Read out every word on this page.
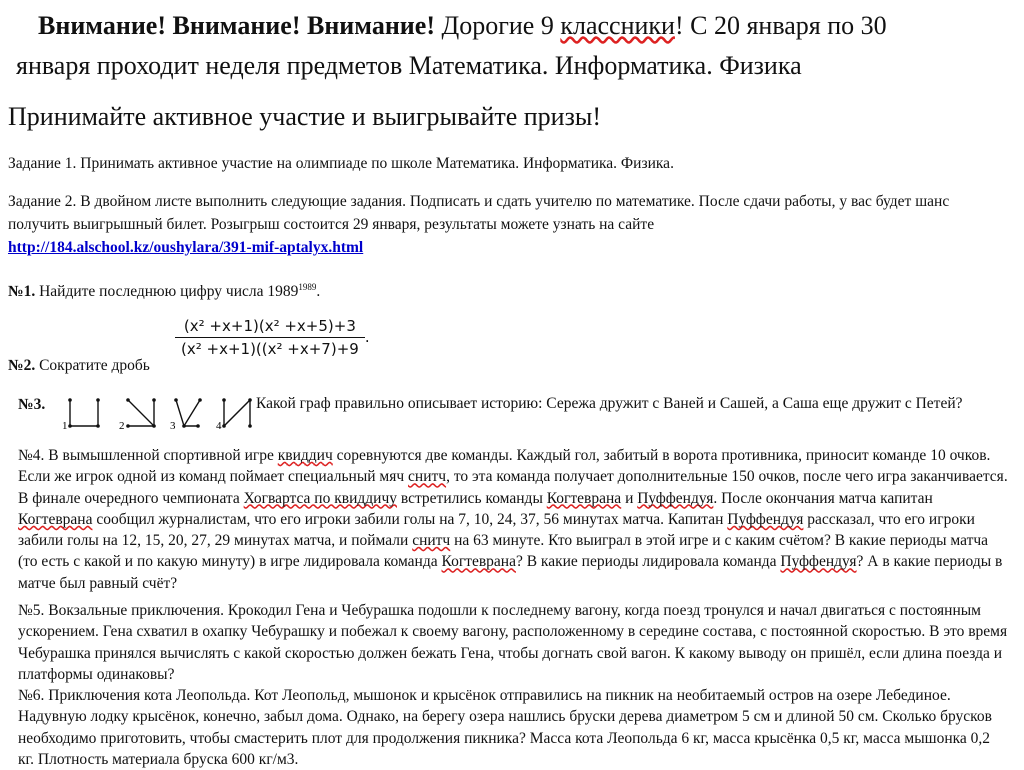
Внимание! Внимание! Внимание! Дорогие 9 классники! С 20 января по 30
января проходит неделя предметов Математика. Информатика. Физика
Принимайте активное участие и выигрывайте призы!
Задание 1. Принимать активное участие на олимпиаде по школе Математика. Информатика. Физика.
Задание 2. В двойном листе выполнить следующие задания. Подписать и сдать учителю по математике. После сдачи работы, у вас будет шанс получить выигрышный билет. Розыгрыш состоится 29 января, результаты можете узнать на сайте
http://184.alschool.kz/oushylara/391-mif-aptalyx.html
№1. Найдите последнюю цифру числа $1989^{1989}$.
$\frac{\text{(x² +x+1)(x² +x+5)+3}}{\text{(x² +x+1)((x² +x+7)+9}}$ .
№2. Сократите дробь
№3.
1	2	3	4
Какой граф правильно описывает историю: Сережа дружит с Ваней и Сашей, а Саша еще дружит с Петей?
№4. В вымышленной спортивной игре квиддич соревнуются две команды. Каждый гол, забитый в ворота противника, приносит команде 10 очков. Если же игрок одной из команд поймает специальный мяч снитч, то эта команда получает дополнительные 150 очков, после чего игра заканчивается. В финале очередного чемпионата Хогвартса по квиддичу встретились команды Когтеврана и Пуффендуя. После окончания матча капитан Когтеврана сообщил журналистам, что его игроки забили голы на 7, 10, 24, 37, 56 минутах матча. Капитан Пуффендуя рассказал, что его игроки забили голы на 12, 15, 20, 27, 29 минутах матча, и поймали снитч на 63 минуте. Кто выиграл в этой игре и с каким счётом? В какие периоды матча (то есть с какой и по какую минуту) в игре лидировала команда Когтеврана? В какие периоды лидировала команда Пуффендуя? А в какие периоды в матче был равный счёт?
№5. Вокзальные приключения. Крокодил Гена и Чебурашка подошли к последнему вагону, когда поезд тронулся и начал двигаться с постоянным ускорением. Гена схватил в охапку Чебурашку и побежал к своему вагону, расположенному в середине состава, с постоянной скоростью. В это время Чебурашка принялся вычислять с какой скоростью должен бежать Гена, чтобы догнать свой вагон. К какому выводу он пришёл, если длина поезда и платформы одинаковы?
№6. Приключения кота Леопольда. Кот Леопольд, мышонок и крысёнок отправились на пикник на необитаемый остров на озере Лебединое. Надувную лодку крысёнок, конечно, забыл дома. Однако, на берегу озера нашлись бруски дерева диаметром 5 см и длиной 50 см. Сколько брусков необходимо приготовить, чтобы смастерить плот для продолжения пикника? Масса кота Леопольда 6 кг, масса крысёнка 0,5 кг, масса мышонка 0,2 кг. Плотность материала бруска 600 кг/м3.
